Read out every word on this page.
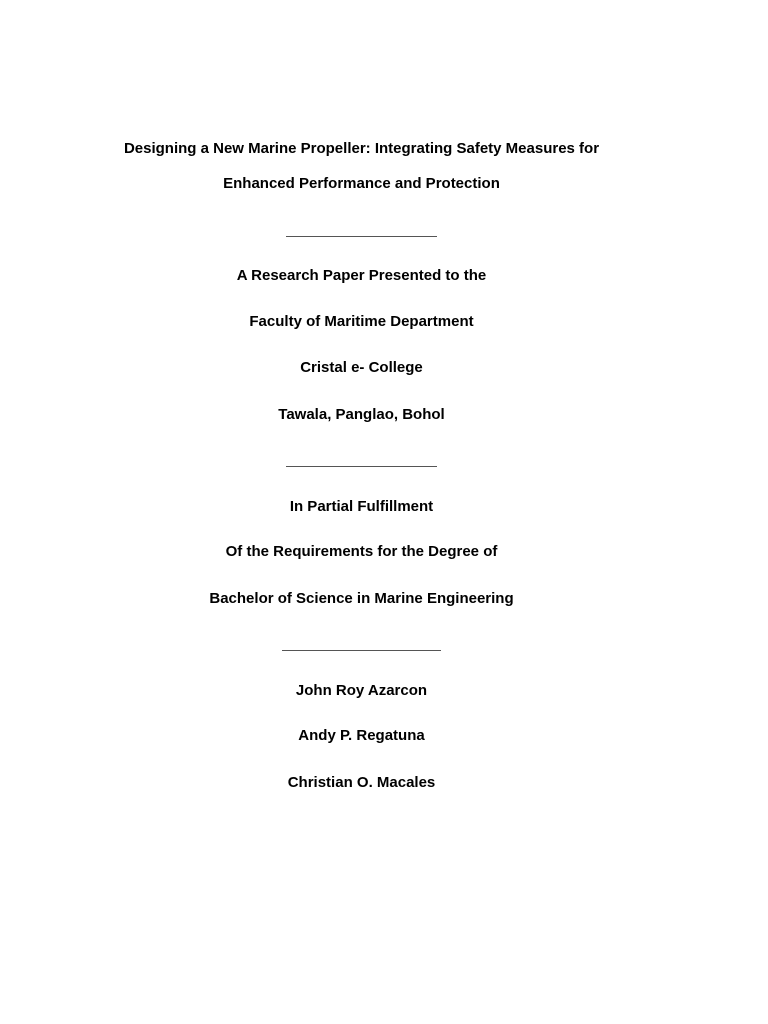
Designing a New Marine Propeller: Integrating Safety Measures for
Enhanced Performance and Protection
A Research Paper Presented to the
Faculty of Maritime Department
Cristal e- College
Tawala, Panglao, Bohol
In Partial Fulfillment
Of the Requirements for the Degree of
Bachelor of Science in Marine Engineering
John Roy Azarcon
Andy P. Regatuna
Christian O. Macales
